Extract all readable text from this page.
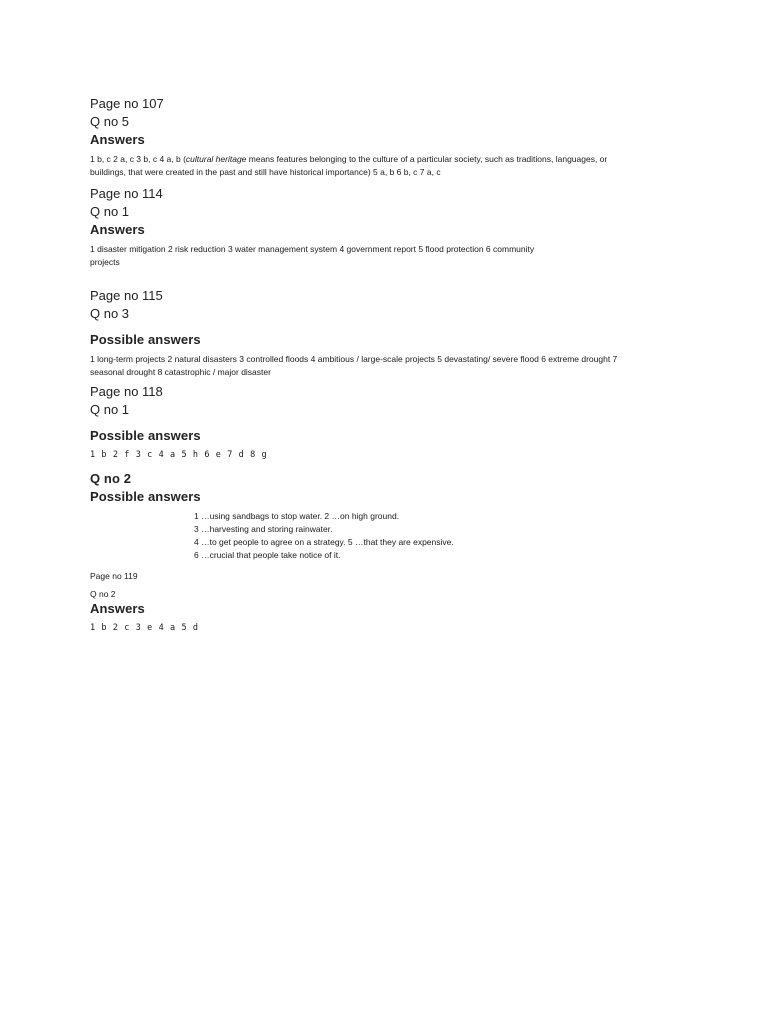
Page no 107

Q no 5

Answers

1 b, c 2 a, c 3 b, c 4 a, b (cultural heritage means features belonging to the culture of a particular society, such as traditions, languages, or

buildings, that were created in the past and still have historical importance) 5 a, b 6 b, c 7 a, c

Page no 114

Q no 1

Answers

1 disaster mitigation 2 risk reduction 3 water management system 4 government report 5 flood protection 6 community

projects

Page no 115

Q no 3

Possible answers

1 long-term projects 2 natural disasters 3 controlled floods 4 ambitious / large-scale projects 5 devastating/ severe flood 6 extreme drought 7

seasonal drought 8 catastrophic / major disaster

Page no 118

Q no 1

Possible answers

1 b 2 f 3 c 4 a 5 h 6 e 7 d 8 g

Q no 2

Possible answers

1 …using sandbags to stop water. 2 …on high ground.

3 …harvesting and storing rainwater.

4 …to get people to agree on a strategy. 5 …that they are expensive.

6 …crucial that people take notice of it.

Page no 119

Q no 2

Answers

1 b 2 c 3 e 4 a 5 d
